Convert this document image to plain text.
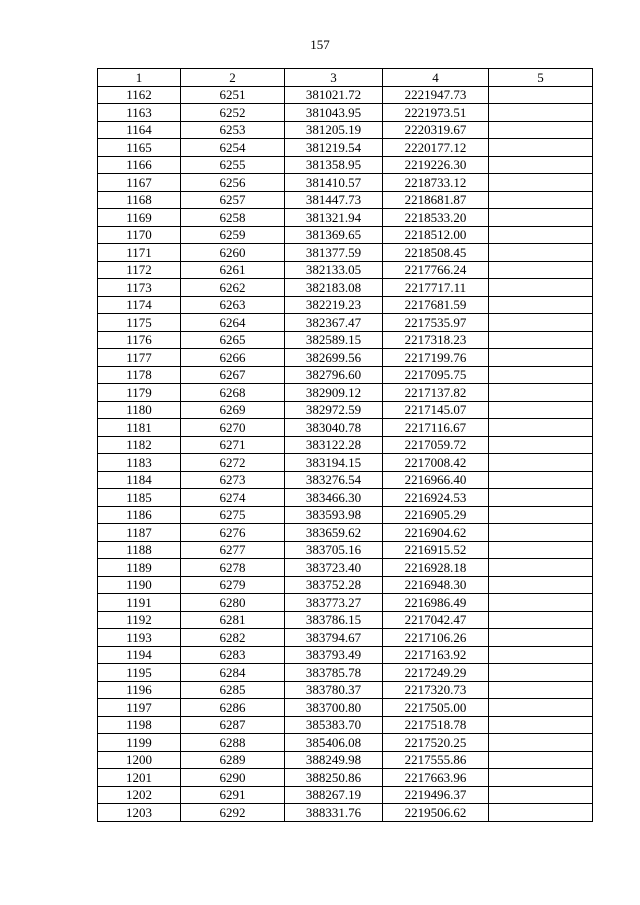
157
1	2	3	4	5
1162	6251	381021.72	2221947.73	
1163	6252	381043.95	2221973.51	
1164	6253	381205.19	2220319.67	
1165	6254	381219.54	2220177.12	
1166	6255	381358.95	2219226.30	
1167	6256	381410.57	2218733.12	
1168	6257	381447.73	2218681.87	
1169	6258	381321.94	2218533.20	
1170	6259	381369.65	2218512.00	
1171	6260	381377.59	2218508.45	
1172	6261	382133.05	2217766.24	
1173	6262	382183.08	2217717.11	
1174	6263	382219.23	2217681.59	
1175	6264	382367.47	2217535.97	
1176	6265	382589.15	2217318.23	
1177	6266	382699.56	2217199.76	
1178	6267	382796.60	2217095.75	
1179	6268	382909.12	2217137.82	
1180	6269	382972.59	2217145.07	
1181	6270	383040.78	2217116.67	
1182	6271	383122.28	2217059.72	
1183	6272	383194.15	2217008.42	
1184	6273	383276.54	2216966.40	
1185	6274	383466.30	2216924.53	
1186	6275	383593.98	2216905.29	
1187	6276	383659.62	2216904.62	
1188	6277	383705.16	2216915.52	
1189	6278	383723.40	2216928.18	
1190	6279	383752.28	2216948.30	
1191	6280	383773.27	2216986.49	
1192	6281	383786.15	2217042.47	
1193	6282	383794.67	2217106.26	
1194	6283	383793.49	2217163.92	
1195	6284	383785.78	2217249.29	
1196	6285	383780.37	2217320.73	
1197	6286	383700.80	2217505.00	
1198	6287	385383.70	2217518.78	
1199	6288	385406.08	2217520.25	
1200	6289	388249.98	2217555.86	
1201	6290	388250.86	2217663.96	
1202	6291	388267.19	2219496.37	
1203	6292	388331.76	2219506.62	
